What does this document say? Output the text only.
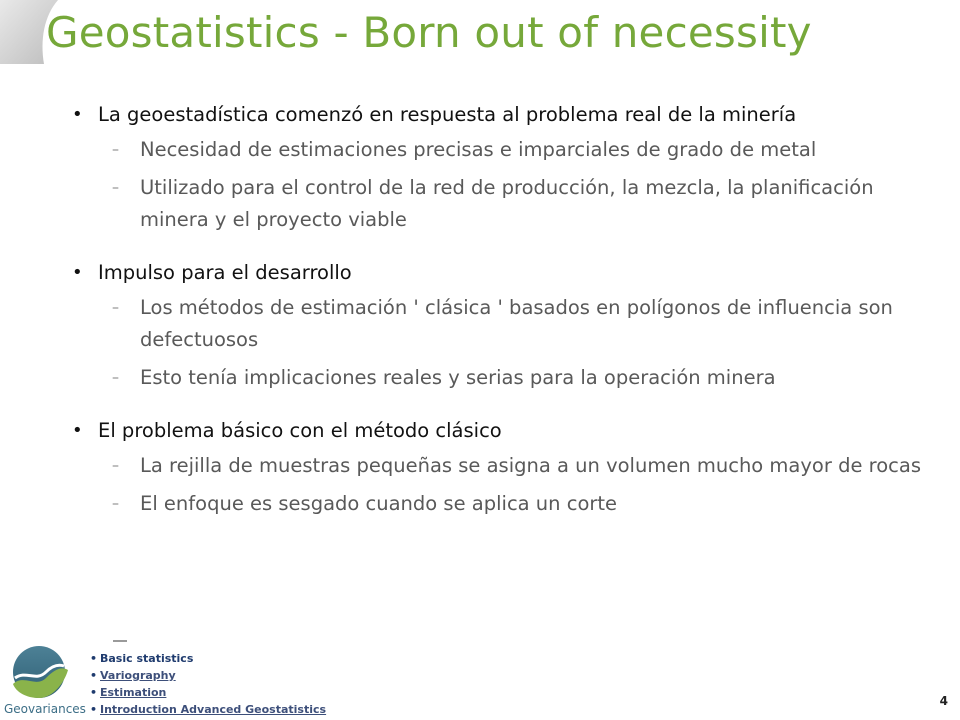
Geostatistics - Born out of necessity
• La geoestadística comenzó en respuesta al problema real de la minería
– Necesidad de estimaciones precisas e imparciales de grado de metal
– Utilizado para el control de la red de producción, la mezcla, la planificación minera y el proyecto viable
• Impulso para el desarrollo
– Los métodos de estimación ' clásica ' basados en polígonos de influencia son defectuosos
– Esto tenía implicaciones reales y serias para la operación minera
• El problema básico con el método clásico
– La rejilla de muestras pequeñas se asigna a un volumen mucho mayor de rocas
– El enfoque es sesgado cuando se aplica un corte
Geovariances
• Basic statistics
• Variography
• Estimation
• Introduction Advanced Geostatistics
4
